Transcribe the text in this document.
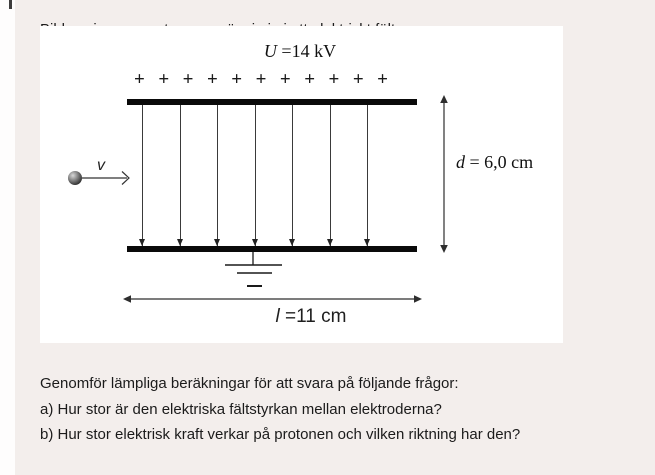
U =14 kV
+ + + + + + + + + + +
v	d = 6,0 cm
l =11 cm

Genomför lämpliga beräkningar för att svara på följande frågor:

a) Hur stor är den elektriska fältstyrkan mellan elektroderna?

b) Hur stor elektrisk kraft verkar på protonen och vilken riktning har den?
